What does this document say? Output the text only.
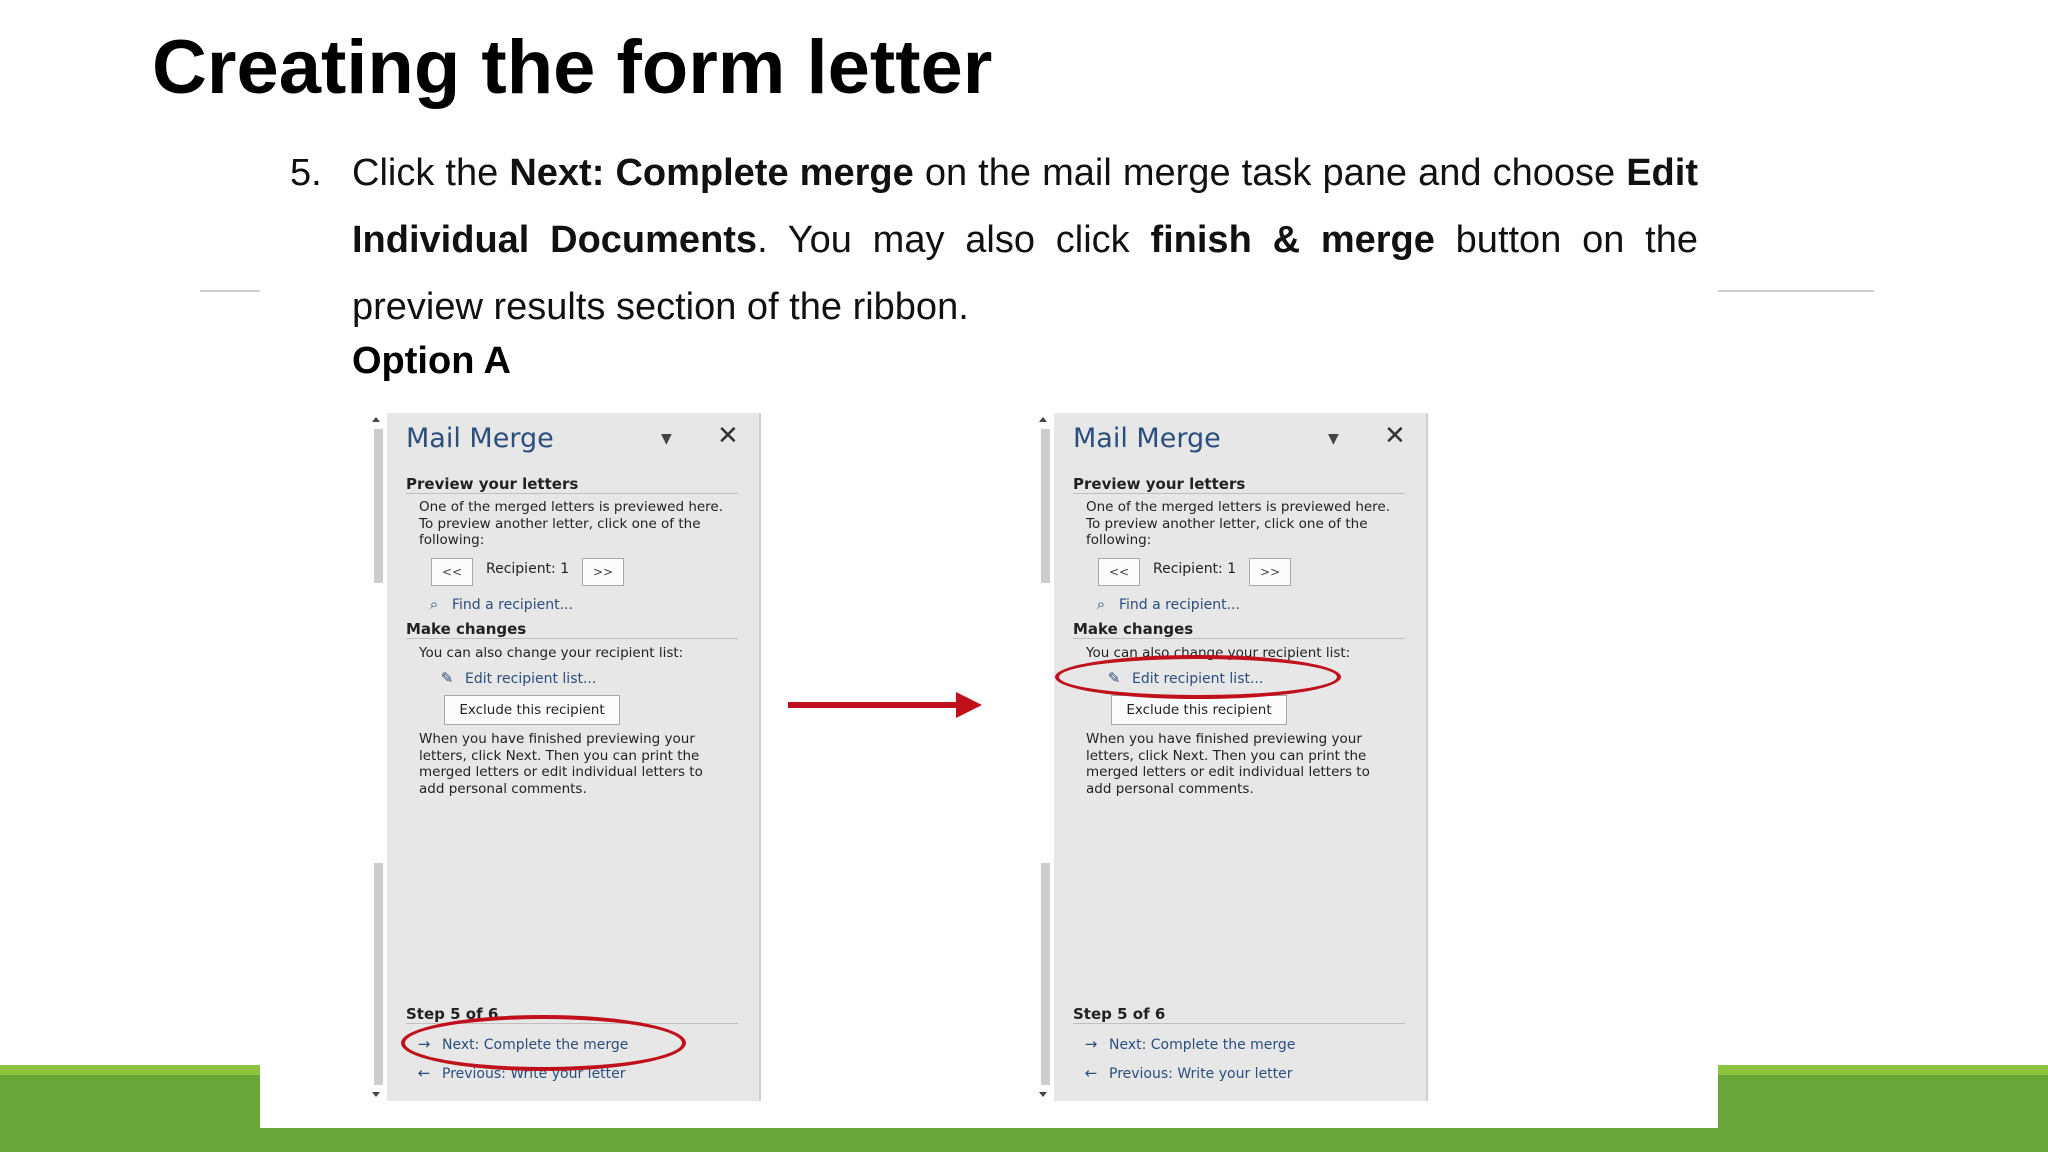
Creating the form letter
5. Click the Next: Complete merge on the mail merge task pane and choose Edit Individual Documents. You may also click finish & merge button on the preview results section of the ribbon.
Option A
Mail Merge	▼ ✕
Preview your letters
One of the merged letters is previewed here. To preview another letter, click one of the following:
<<	Recipient: 1	>>
⌕ Find a recipient...
Make changes
You can also change your recipient list:
✎ Edit recipient list...
Exclude this recipient
When you have finished previewing your letters, click Next. Then you can print the merged letters or edit individual letters to add personal comments.
Step 5 of 6
→ Next: Complete the merge
← Previous: Write your letter
Mail Merge	▼ ✕
Preview your letters
One of the merged letters is previewed here. To preview another letter, click one of the following:
<<	Recipient: 1	>>
⌕ Find a recipient...
Make changes
You can also change your recipient list:
✎ Edit recipient list...
Exclude this recipient
When you have finished previewing your letters, click Next. Then you can print the merged letters or edit individual letters to add personal comments.
Step 5 of 6
→ Next: Complete the merge
← Previous: Write your letter
